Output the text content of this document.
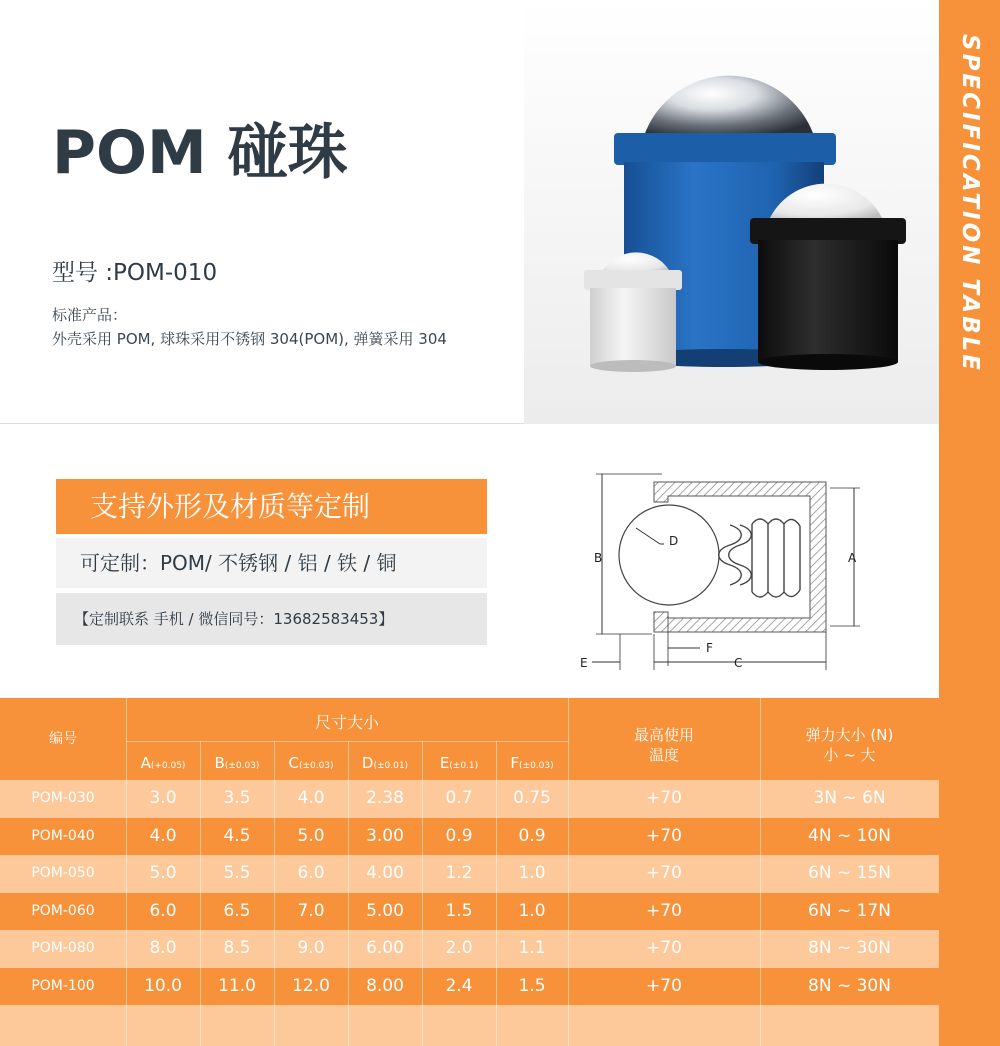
SPECIFICATION TABLE
POM 碰珠
型号 :POM-010
标准产品：
外壳采用 POM, 球珠采用不锈钢 304(POM), 弹簧采用 304
支持外形及材质等定制
可定制：POM/ 不锈钢 / 铝 / 铁 / 铜
【定制联系 手机 / 微信同号：13682583453】
D
B	A
E	C
F
编号
尺寸大小
A(+0.05)	B(±0.03)	C(±0.03)	D(±0.01)	E(±0.1)	F(±0.03)
最高使用
温度
弹力大小 (N)
小 ~ 大
POM-030	3.0	3.5	4.0	2.38	0.7	0.75	+70	3N ~ 6N
POM-040	4.0	4.5	5.0	3.00	0.9	0.9	+70	4N ~ 10N
POM-050	5.0	5.5	6.0	4.00	1.2	1.0	+70	6N ~ 15N
POM-060	6.0	6.5	7.0	5.00	1.5	1.0	+70	6N ~ 17N
POM-080	8.0	8.5	9.0	6.00	2.0	1.1	+70	8N ~ 30N
POM-100	10.0	11.0	12.0	8.00	2.4	1.5	+70	8N ~ 30N
